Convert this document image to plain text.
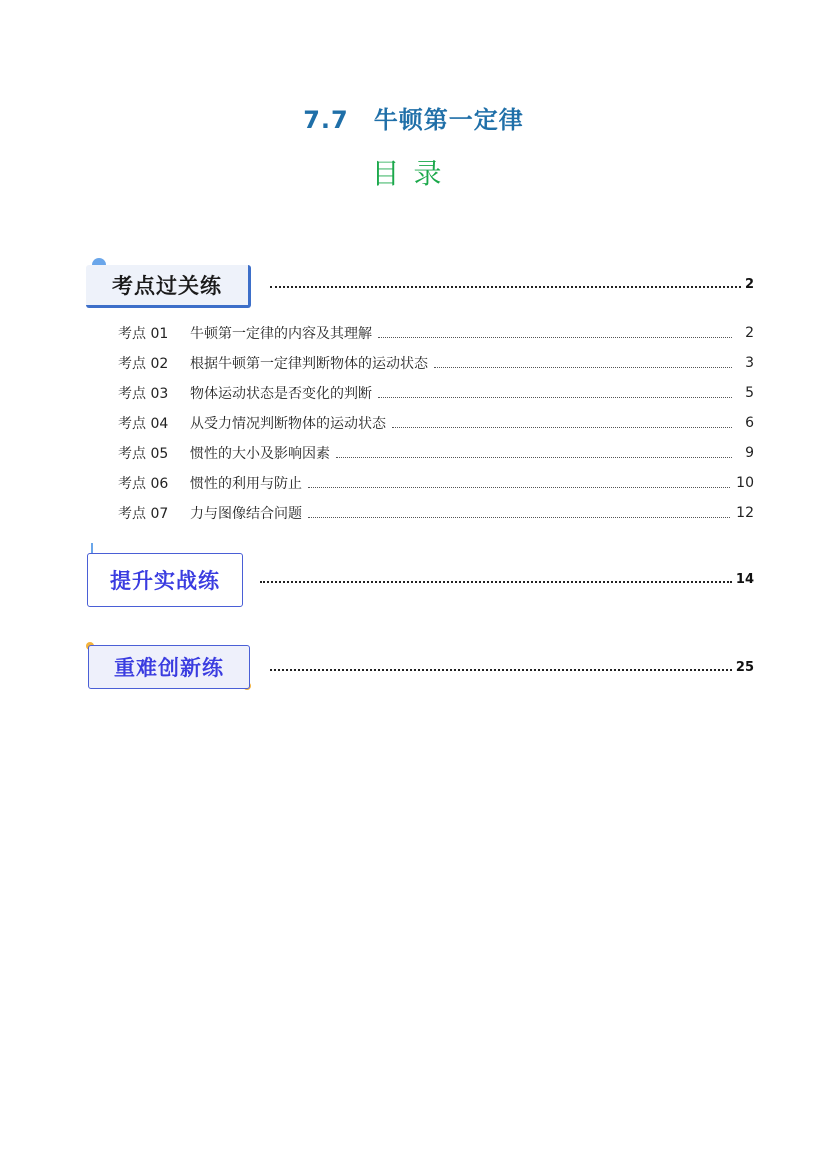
7.7　牛顿第一定律
目录
考点过关练	2
考点 01	牛顿第一定律的内容及其理解	2
考点 02	根据牛顿第一定律判断物体的运动状态	3
考点 03	物体运动状态是否变化的判断	5
考点 04	从受力情况判断物体的运动状态	6
考点 05	惯性的大小及影响因素	9
考点 06	惯性的利用与防止	10
考点 07	力与图像结合问题	12
提升实战练	14
重难创新练	25
